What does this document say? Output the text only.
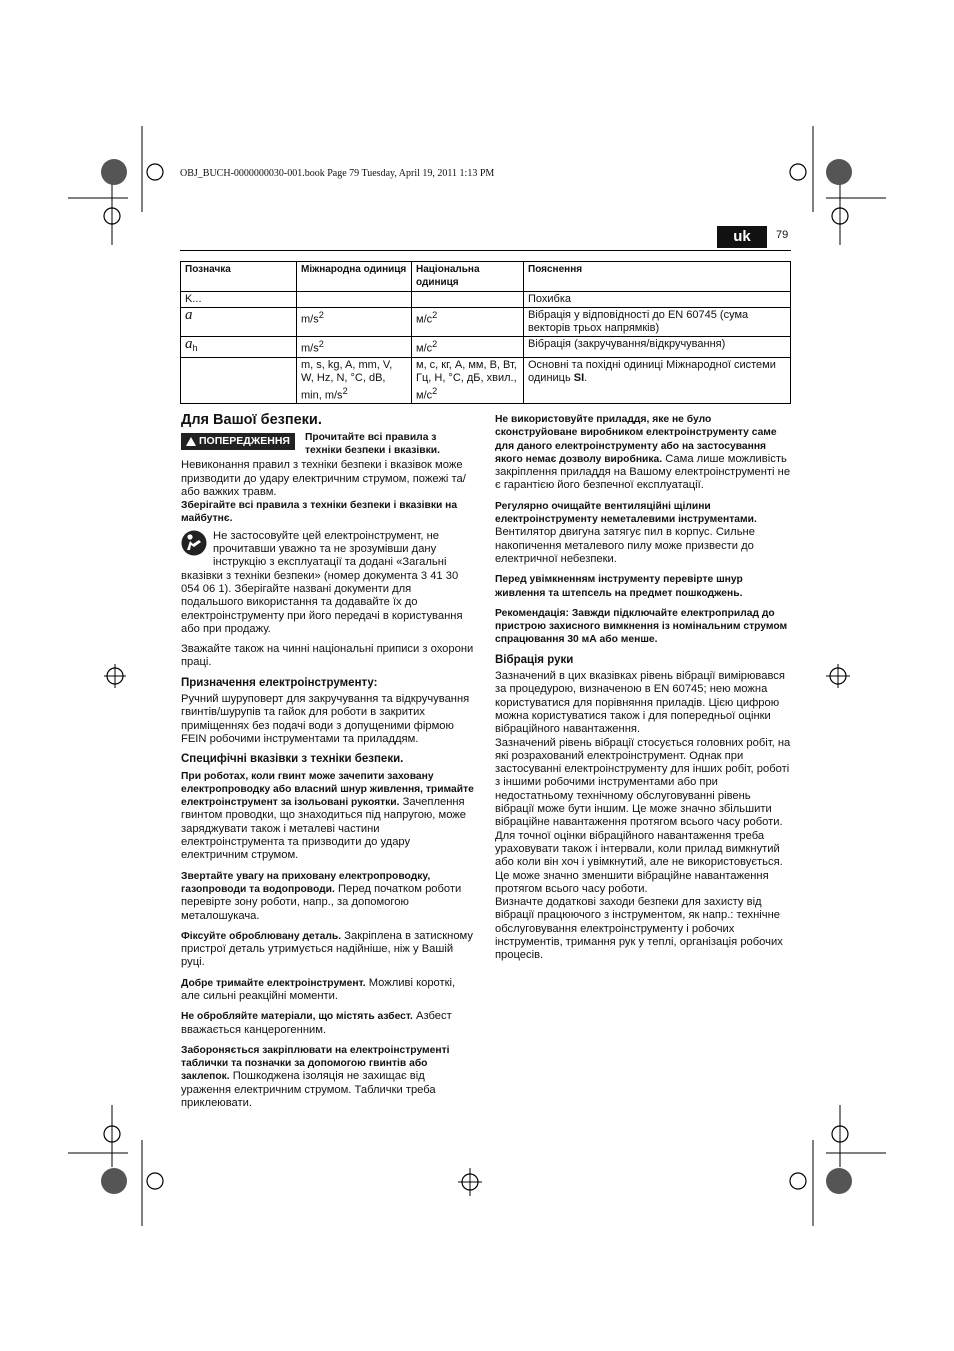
OBJ_BUCH-0000000030-001.book Page 79 Tuesday, April 19, 2011 1:13 PM
uk	79
Позначка	Міжнародна одиниця	Національна одиниця	Пояснення
K...			Похибка
a	$m/s^2$	$м/с^2$	Вібрація у відповідності до EN 60745 (сума векторів трьох напрямків)
$a_h$	$m/s^2$	$м/с^2$	Вібрація (закручування/відкручування)
	m, s, kg, A, mm, V, W, Hz, N, °C, dB, min, $m/s^2$	м, с, кг, А, мм, В, Вт, Гц, Н, °С, дБ, хвил., $м/с^2$	Основні та похідні одиниці Міжнародної системи одиниць SI.
Для Вашої безпеки.
ПОПЕРЕДЖЕННЯ Прочитайте всі правила з техніки безпеки і вказівки.

Невиконання правил з техніки безпеки і вказівок може призводити до удару електричним струмом, пожежі та/або важких травм.

Зберігайте всі правила з техніки безпеки і вказівки на майбутнє.

Не застосовуйте цей електроінструмент, не прочитавши уважно та не зрозумівши дану інструкцію з експлуатації та додані «Загальні вказівки з техніки безпеки» (номер документа 3 41 30 054 06 1). Зберігайте названі документи для подальшого використання та додавайте їх до електроінструменту при його передачі в користування або при продажу.

Зважайте також на чинні національні приписи з охорони праці.

Призначення електроінструменту:

Ручний шуруповерт для закручування та відкручування гвинтів/шурупів та гайок для роботи в закритих приміщеннях без подачі води з допущеними фірмою FEIN робочими інструментами та приладдям.

Специфічні вказівки з техніки безпеки.

При роботах, коли гвинт може зачепити заховану електропроводку або власний шнур живлення, тримайте електроінструмент за ізольовані рукоятки. Зачеплення гвинтом проводки, що знаходиться під напругою, може заряджувати також і металеві частини електроінструмента та призводити до удару електричним струмом.

Звертайте увагу на приховану електропроводку, газопроводи та водопроводи. Перед початком роботи перевірте зону роботи, напр., за допомогою металошукача.

Фіксуйте оброблювану деталь. Закріплена в затискному пристрої деталь утримується надійніше, ніж у Вашій руці.

Добре тримайте електроінструмент. Можливі короткі, але сильні реакційні моменти.

Не обробляйте матеріали, що містять азбест. Азбест вважається канцерогенним.

Забороняється закріплювати на електроінструменті таблички та позначки за допомогою гвинтів або заклепок. Пошкоджена ізоляція не захищає від ураження електричним струмом. Таблички треба приклеювати.

Не використовуйте приладдя, яке не було сконструйоване виробником електроінструменту саме для даного електроінструменту або на застосування якого немає дозволу виробника. Сама лише можливість закріплення приладдя на Вашому електроінструменті не є гарантією його безпечної експлуатації.

Регулярно очищайте вентиляційні щілини електроінструменту неметалевими інструментами. Вентилятор двигуна затягує пил в корпус. Сильне накопичення металевого пилу може призвести до електричної небезпеки.

Перед увімкненням інструменту перевірте шнур живлення та штепсель на предмет пошкоджень.

Рекомендація: Завжди підключайте електроприлад до пристрою захисного вимкнення із номінальним струмом спрацювання 30 мА або менше.

Вібрація руки

Зазначений в цих вказівках рівень вібрації вимірювався за процедурою, визначеною в EN 60745; нею можна користуватися для порівняння приладів. Цією цифрою можна користуватися також і для попередньої оцінки вібраційного навантаження.

Зазначений рівень вібрації стосується головних робіт, на які розрахований електроінструмент. Однак при застосуванні електроінструменту для інших робіт, роботі з іншими робочими інструментами або при недостатньому технічному обслуговуванні рівень вібрації може бути іншим. Це може значно збільшити вібраційне навантаження протягом всього часу роботи.

Для точної оцінки вібраційного навантаження треба ураховувати також і інтервали, коли прилад вимкнутий або коли він хоч і увімкнутий, але не використовується. Це може значно зменшити вібраційне навантаження протягом всього часу роботи.

Визначте додаткові заходи безпеки для захисту від вібрації працюючого з інструментом, як напр.: технічне обслуговування електроінструменту і робочих інструментів, тримання рук у теплі, організація робочих процесів.
